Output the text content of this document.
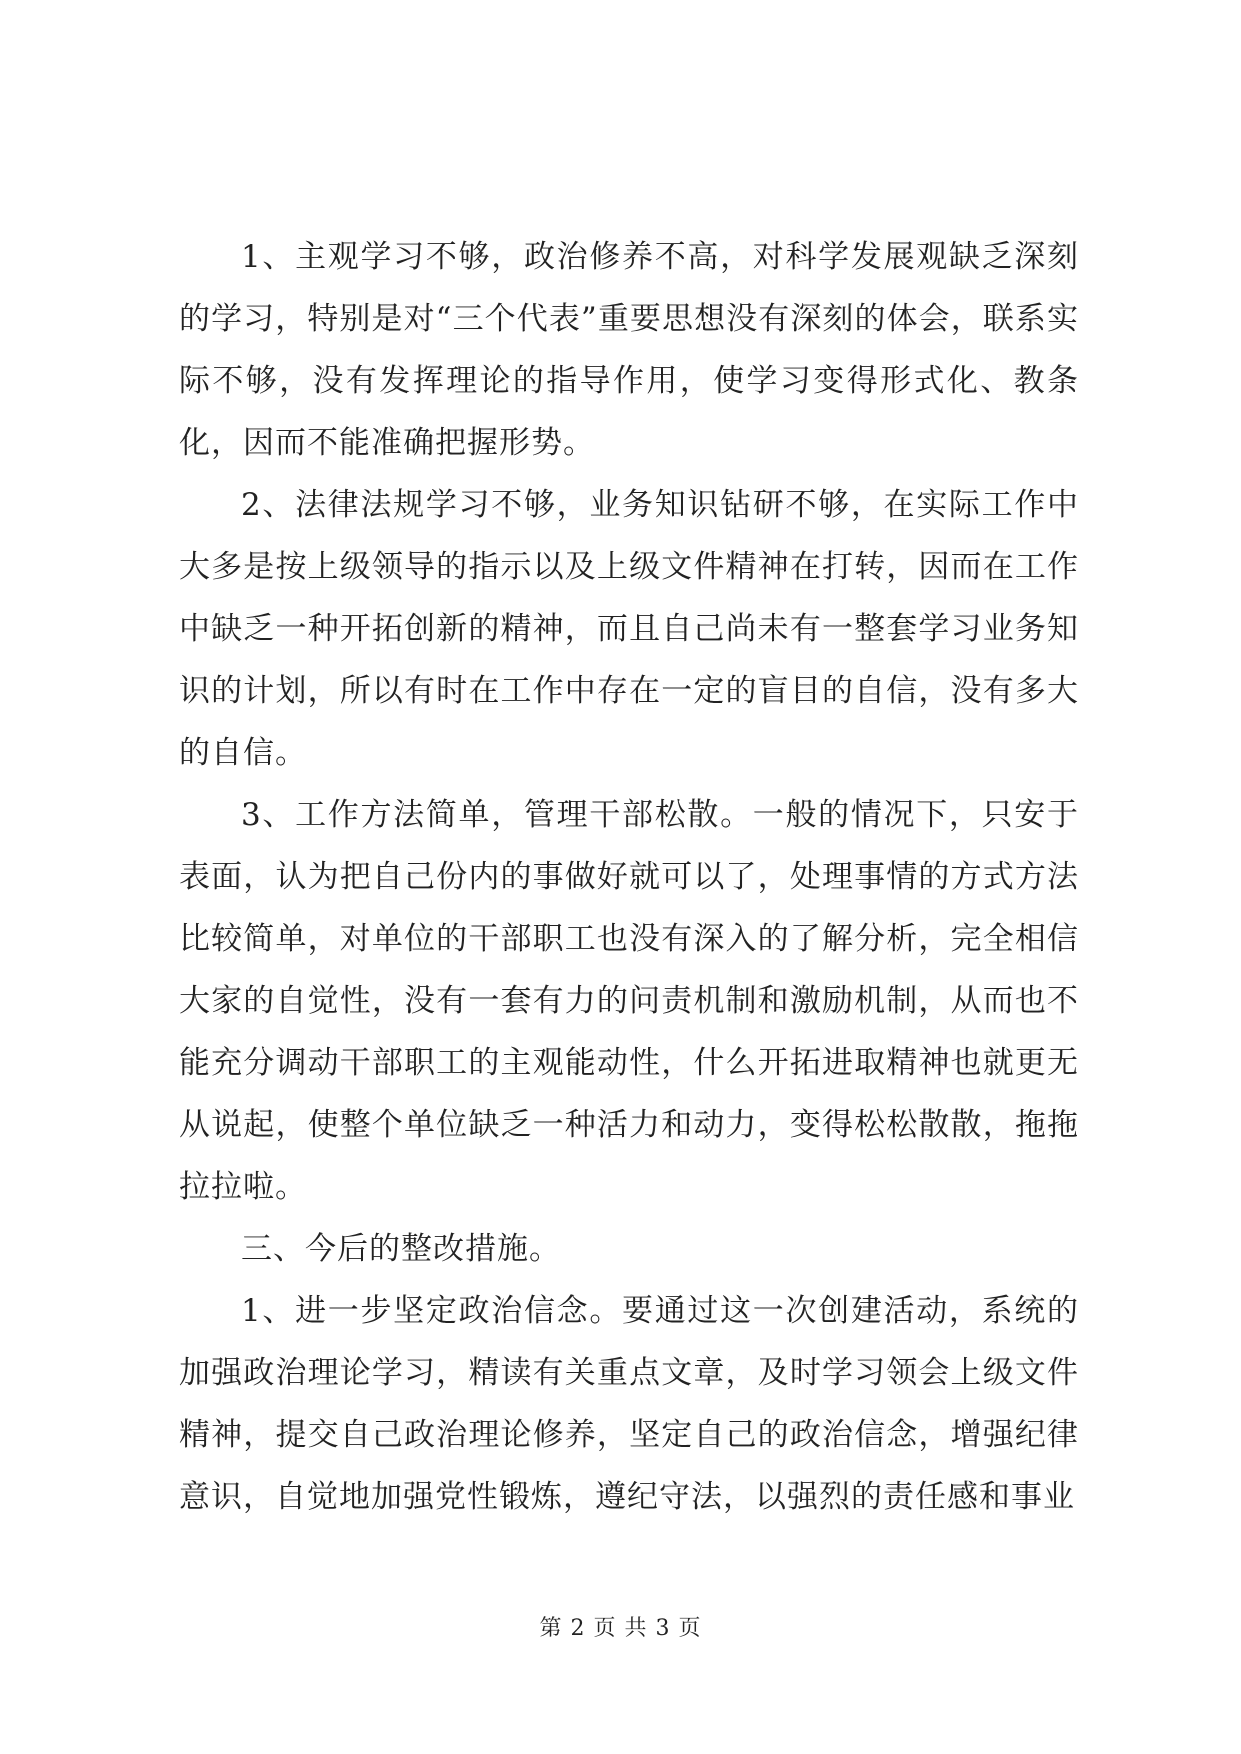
1、主观学习不够，政治修养不高，对科学发展观缺乏深刻的学习，特别是对“三个代表”重要思想没有深刻的体会，联系实际不够，没有发挥理论的指导作用，使学习变得形式化、教条化，因而不能准确把握形势。

2、法律法规学习不够，业务知识钻研不够，在实际工作中大多是按上级领导的指示以及上级文件精神在打转，因而在工作中缺乏一种开拓创新的精神，而且自己尚未有一整套学习业务知识的计划，所以有时在工作中存在一定的盲目的自信，没有多大的自信。

3、工作方法简单，管理干部松散。一般的情况下，只安于表面，认为把自己份内的事做好就可以了，处理事情的方式方法比较简单，对单位的干部职工也没有深入的了解分析，完全相信大家的自觉性，没有一套有力的问责机制和激励机制，从而也不能充分调动干部职工的主观能动性，什么开拓进取精神也就更无从说起，使整个单位缺乏一种活力和动力，变得松松散散，拖拖拉拉啦。

三、今后的整改措施。

1、进一步坚定政治信念。要通过这一次创建活动，系统的加强政治理论学习，精读有关重点文章，及时学习领会上级文件精神，提交自己政治理论修养，坚定自己的政治信念，增强纪律意识，自觉地加强党性锻炼，遵纪守法，以强烈的责任感和事业

第 2 页 共 3 页
